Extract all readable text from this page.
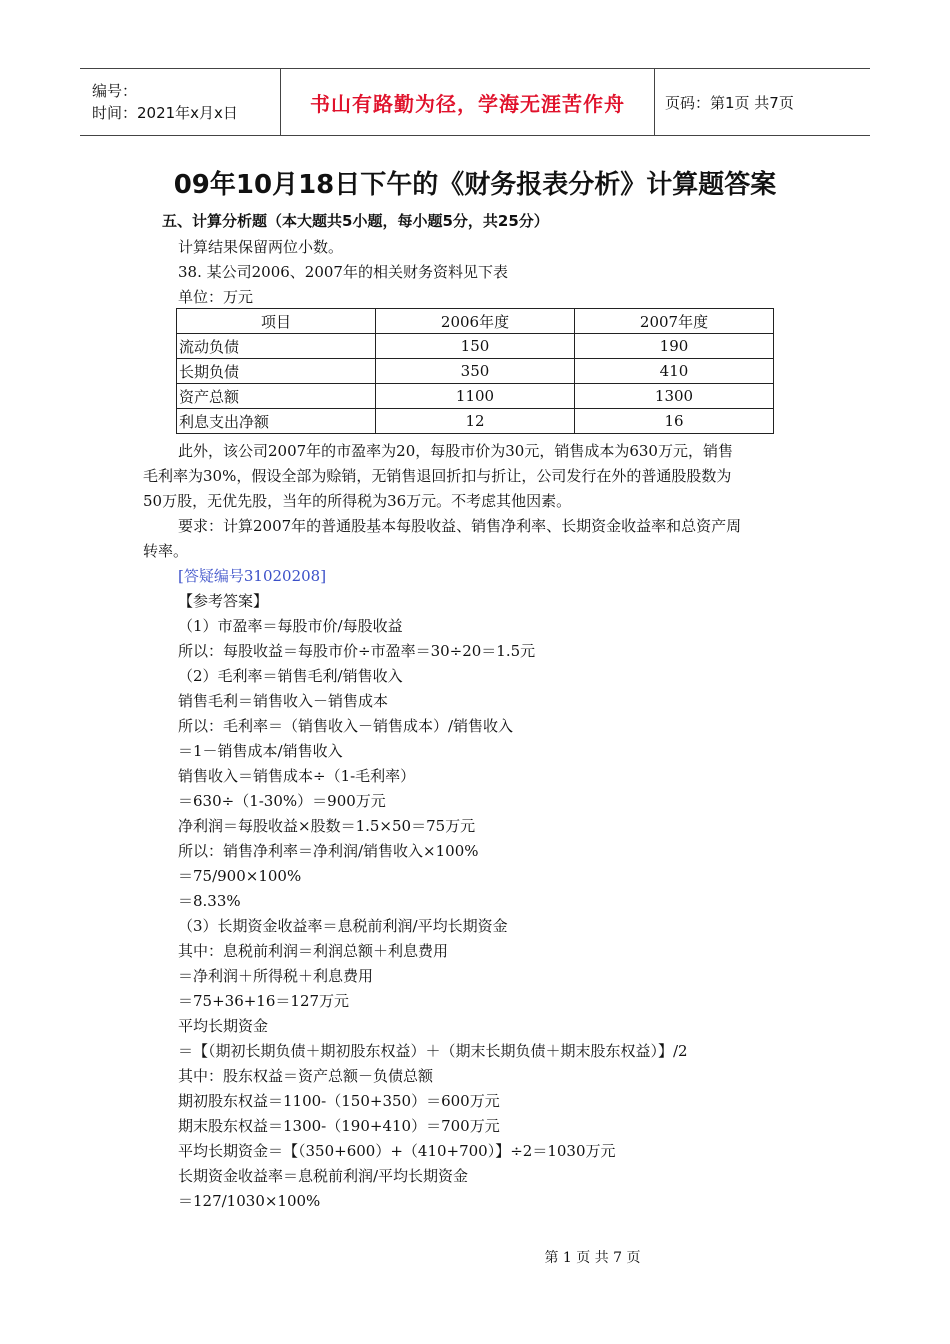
编号：
时间：2021年x月x日	书山有路勤为径，学海无涯苦作舟	页码：第1页 共7页
09年10月18日下午的《财务报表分析》计算题答案
五、计算分析题（本大题共5小题，每小题5分，共25分）
计算结果保留两位小数。
38. 某公司2006、2007年的相关财务资料见下表
单位：万元
项目	2006年度	2007年度
流动负债	150	190
长期负债	350	410
资产总额	1100	1300
利息支出净额	12	16
此外，该公司2007年的市盈率为20，每股市价为30元，销售成本为630万元，销售
毛利率为30%，假设全部为赊销，无销售退回折扣与折让，公司发行在外的普通股股数为
50万股，无优先股，当年的所得税为36万元。不考虑其他因素。
要求：计算2007年的普通股基本每股收益、销售净利率、长期资金收益率和总资产周
转率。
[答疑编号31020208]
【参考答案】
（1）市盈率＝每股市价/每股收益
所以：每股收益＝每股市价÷市盈率＝30÷20＝1.5元
（2）毛利率＝销售毛利/销售收入
销售毛利＝销售收入－销售成本
所以：毛利率＝（销售收入－销售成本）/销售收入
＝1－销售成本/销售收入
销售收入＝销售成本÷（1-毛利率）
＝630÷（1-30%）＝900万元
净利润＝每股收益×股数＝1.5×50＝75万元
所以：销售净利率＝净利润/销售收入×100%
＝75/900×100%
＝8.33%
（3）长期资金收益率＝息税前利润/平均长期资金
其中：息税前利润＝利润总额＋利息费用
＝净利润＋所得税＋利息费用
＝75+36+16＝127万元
平均长期资金
＝【（期初长期负债＋期初股东权益）＋（期末长期负债＋期末股东权益）】/2
其中：股东权益＝资产总额－负债总额
期初股东权益＝1100-（150+350）＝600万元
期末股东权益＝1300-（190+410）＝700万元
平均长期资金＝【（350+600）+（410+700）】÷2＝1030万元
长期资金收益率＝息税前利润/平均长期资金
＝127/1030×100%
第 1 页 共 7 页
